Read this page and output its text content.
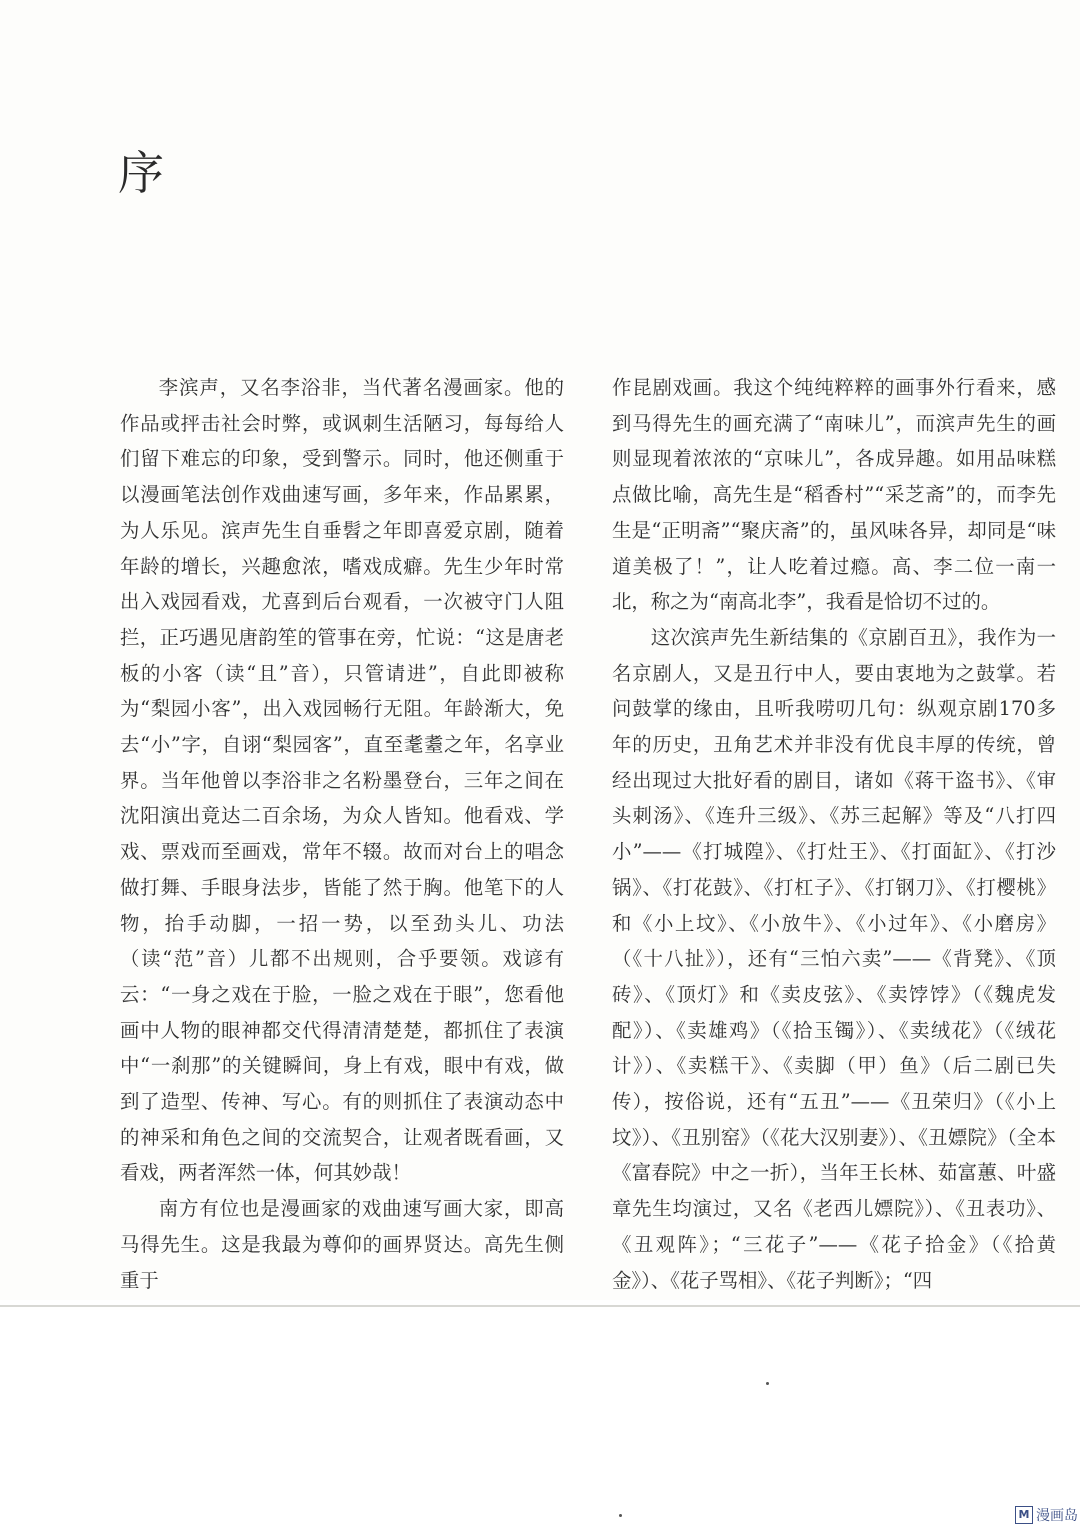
序

李滨声，又名李浴非，当代著名漫画家。他的作品或抨击社会时弊，或讽刺生活陋习，每每给人们留下难忘的印象，受到警示。同时，他还侧重于以漫画笔法创作戏曲速写画，多年来，作品累累，为人乐见。滨声先生自垂髫之年即喜爱京剧，随着年龄的增长，兴趣愈浓，嗜戏成癖。先生少年时常出入戏园看戏，尤喜到后台观看，一次被守门人阻拦，正巧遇见唐韵笙的管事在旁，忙说：“这是唐老板的小客（读“且”音），只管请进”，自此即被称为“梨园小客”，出入戏园畅行无阻。年龄渐大，免去“小”字，自诩“梨园客”，直至耄耋之年，名享业界。当年他曾以李浴非之名粉墨登台，三年之间在沈阳演出竟达二百余场，为众人皆知。他看戏、学戏、票戏而至画戏，常年不辍。故而对台上的唱念做打舞、手眼身法步，皆能了然于胸。他笔下的人物，抬手动脚，一招一势，以至劲头儿、功法（读“范”音）儿都不出规则，合乎要领。戏谚有云：“一身之戏在于脸，一脸之戏在于眼”，您看他画中人物的眼神都交代得清清楚楚，都抓住了表演中“一刹那”的关键瞬间，身上有戏，眼中有戏，做到了造型、传神、写心。有的则抓住了表演动态中的神采和角色之间的交流契合，让观者既看画，又看戏，两者浑然一体，何其妙哉！

南方有位也是漫画家的戏曲速写画大家，即高马得先生。这是我最为尊仰的画界贤达。高先生侧重于

作昆剧戏画。我这个纯纯粹粹的画事外行看来，感到马得先生的画充满了“南味儿”，而滨声先生的画则显现着浓浓的“京味儿”，各成异趣。如用品味糕点做比喻，高先生是“稻香村”“采芝斋”的，而李先生是“正明斋”“聚庆斋”的，虽风味各异，却同是“味道美极了！”，让人吃着过瘾。高、李二位一南一北，称之为“南高北李”，我看是恰切不过的。

这次滨声先生新结集的《京剧百丑》，我作为一名京剧人，又是丑行中人，要由衷地为之鼓掌。若问鼓掌的缘由，且听我唠叨几句：纵观京剧170多年的历史，丑角艺术并非没有优良丰厚的传统，曾经出现过大批好看的剧目，诸如《蒋干盗书》、《审头刺汤》、《连升三级》、《苏三起解》等及“八打四小”——《打城隍》、《打灶王》、《打面缸》、《打沙锅》、《打花鼓》、《打杠子》、《打钢刀》、《打樱桃》和《小上坟》、《小放牛》、《小过年》、《小磨房》（《十八扯》），还有“三怕六卖”——《背凳》、《顶砖》、《顶灯》和《卖皮弦》、《卖饽饽》（《魏虎发配》）、《卖雄鸡》（《拾玉镯》）、《卖绒花》（《绒花计》）、《卖糕干》、《卖脚（甲）鱼》（后二剧已失传），按俗说，还有“五丑”——《丑荣归》（《小上坟》）、《丑别窑》（《花大汉别妻》）、《丑嫖院》（全本《富春院》中之一折），当年王长林、茹富蕙、叶盛章先生均演过，又名《老西儿嫖院》）、《丑表功》、《丑观阵》；“三花子”——《花子拾金》（《拾黄金》）、《花子骂相》、《花子判断》；“四

M 漫画岛
